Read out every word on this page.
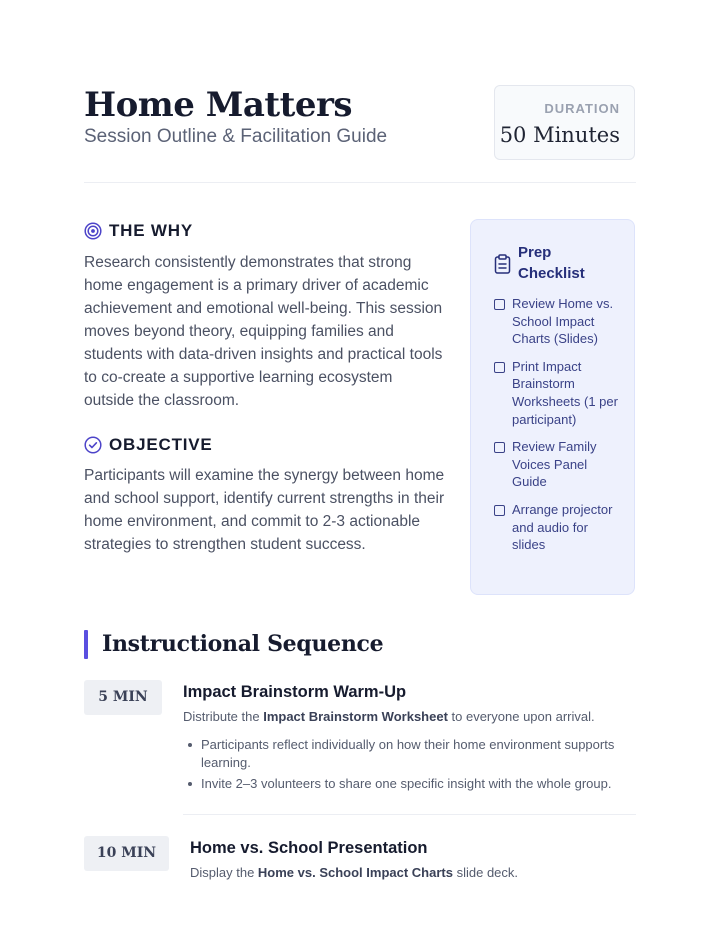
Home Matters
Session Outline & Facilitation Guide
DURATION
50 Minutes
THE WHY

Research consistently demonstrates that strong home engagement is a primary driver of academic achievement and emotional well-being. This session moves beyond theory, equipping families and students with data-driven insights and practical tools to co-create a supportive learning ecosystem outside the classroom.

OBJECTIVE

Participants will examine the synergy between home and school support, identify current strengths in their home environment, and commit to 2-3 actionable strategies to strengthen student success.

Prep Checklist
Review Home vs. School Impact Charts (Slides)
Print Impact Brainstorm Worksheets (1 per participant)
Review Family Voices Panel Guide
Arrange projector and audio for slides
Instructional Sequence
5 MIN	Impact Brainstorm Warm-Up
Distribute the Impact Brainstorm Worksheet to everyone upon arrival.
Participants reflect individually on how their home environment supports learning.
Invite 2–3 volunteers to share one specific insight with the whole group.
10 MIN	Home vs. School Presentation
Display the Home vs. School Impact Charts slide deck.
